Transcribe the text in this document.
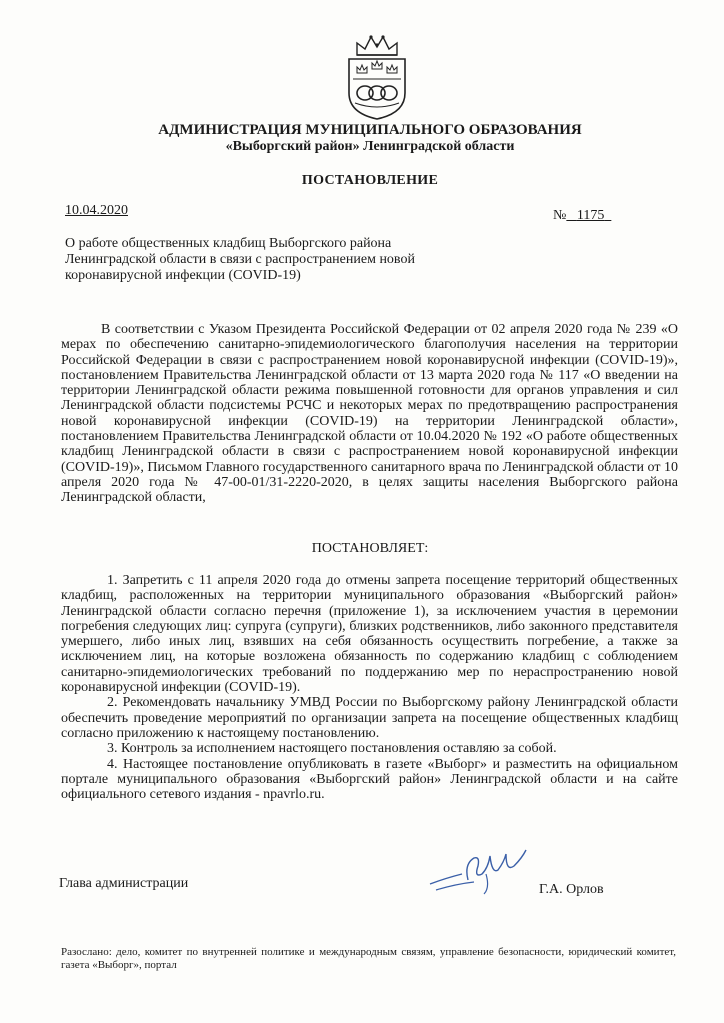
АДМИНИСТРАЦИЯ МУНИЦИПАЛЬНОГО ОБРАЗОВАНИЯ
«Выборгский район» Ленинградской области
ПОСТАНОВЛЕНИЕ
10.04.2020	№ 1175
О работе общественных кладбищ Выборгского района Ленинградской области в связи с распространением новой коронавирусной инфекции (COVID-19)
В соответствии с Указом Президента Российской Федерации от 02 апреля 2020 года № 239 «О мерах по обеспечению санитарно-эпидемиологического благополучия населения на территории Российской Федерации в связи с распространением новой коронавирусной инфекции (COVID-19)», постановлением Правительства Ленинградской области от 13 марта 2020 года № 117 «О введении на территории Ленинградской области режима повышенной готовности для органов управления и сил Ленинградской области подсистемы РСЧС и некоторых мерах по предотвращению распространения новой коронавирусной инфекции (COVID-19) на территории Ленинградской области», постановлением Правительства Ленинградской области от 10.04.2020 № 192 «О работе общественных кладбищ Ленинградской области в связи с распространением новой коронавирусной инфекции (COVID-19)», Письмом Главного государственного санитарного врача по Ленинградской области от 10 апреля 2020 года № 47-00-01/31-2220-2020, в целях защиты населения Выборгского района Ленинградской области,
ПОСТАНОВЛЯЕТ:
1. Запретить с 11 апреля 2020 года до отмены запрета посещение территорий общественных кладбищ, расположенных на территории муниципального образования «Выборгский район» Ленинградской области согласно перечня (приложение 1), за исключением участия в церемонии погребения следующих лиц: супруга (супруги), близких родственников, либо законного представителя умершего, либо иных лиц, взявших на себя обязанность осуществить погребение, а также за исключением лиц, на которые возложена обязанность по содержанию кладбищ с соблюдением санитарно-эпидемиологических требований по поддержанию мер по нераспространению новой коронавирусной инфекции (COVID-19).
2. Рекомендовать начальнику УМВД России по Выборгскому району Ленинградской области обеспечить проведение мероприятий по организации запрета на посещение общественных кладбищ согласно приложению к настоящему постановлению.
3. Контроль за исполнением настоящего постановления оставляю за собой.
4. Настоящее постановление опубликовать в газете «Выборг» и разместить на официальном портале муниципального образования «Выборгский район» Ленинградской области и на сайте официального сетевого издания - npavrlo.ru.
Глава администрации	Г.А. Орлов
Разослано: дело, комитет по внутренней политике и международным связям, управление безопасности, юридический комитет, газета «Выборг», портал
